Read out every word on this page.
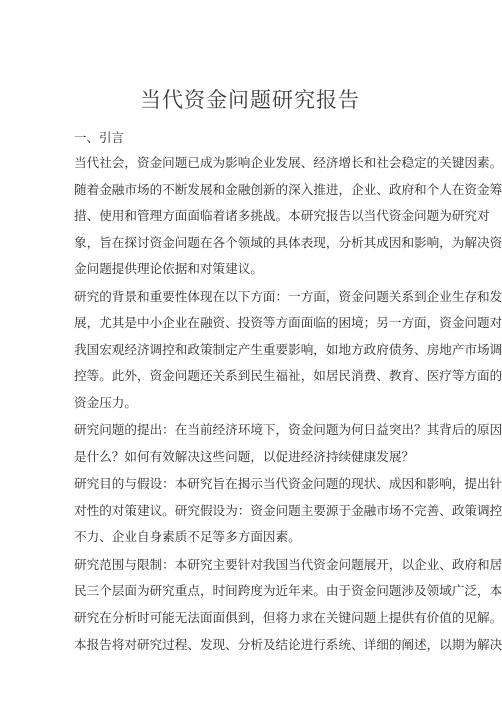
当代资金问题研究报告
一、引言

当代社会，资金问题已成为影响企业发展、经济增长和社会稳定的关键因素。
随着金融市场的不断发展和金融创新的深入推进，企业、政府和个人在资金筹
措、使用和管理方面面临着诸多挑战。本研究报告以当代资金问题为研究对
象，旨在探讨资金问题在各个领域的具体表现，分析其成因和影响，为解决资
金问题提供理论依据和对策建议。

研究的背景和重要性体现在以下方面：一方面，资金问题关系到企业生存和发
展，尤其是中小企业在融资、投资等方面面临的困境；另一方面，资金问题对
我国宏观经济调控和政策制定产生重要影响，如地方政府债务、房地产市场调
控等。此外，资金问题还关系到民生福祉，如居民消费、教育、医疗等方面的
资金压力。

研究问题的提出：在当前经济环境下，资金问题为何日益突出？其背后的原因
是什么？如何有效解决这些问题，以促进经济持续健康发展？

研究目的与假设：本研究旨在揭示当代资金问题的现状、成因和影响，提出针
对性的对策建议。研究假设为：资金问题主要源于金融市场不完善、政策调控
不力、企业自身素质不足等多方面因素。

研究范围与限制：本研究主要针对我国当代资金问题展开，以企业、政府和居
民三个层面为研究重点，时间跨度为近年来。由于资金问题涉及领域广泛，本
研究在分析时可能无法面面俱到，但将力求在关键问题上提供有价值的见解。

本报告将对研究过程、发现、分析及结论进行系统、详细的阐述，以期为解决
